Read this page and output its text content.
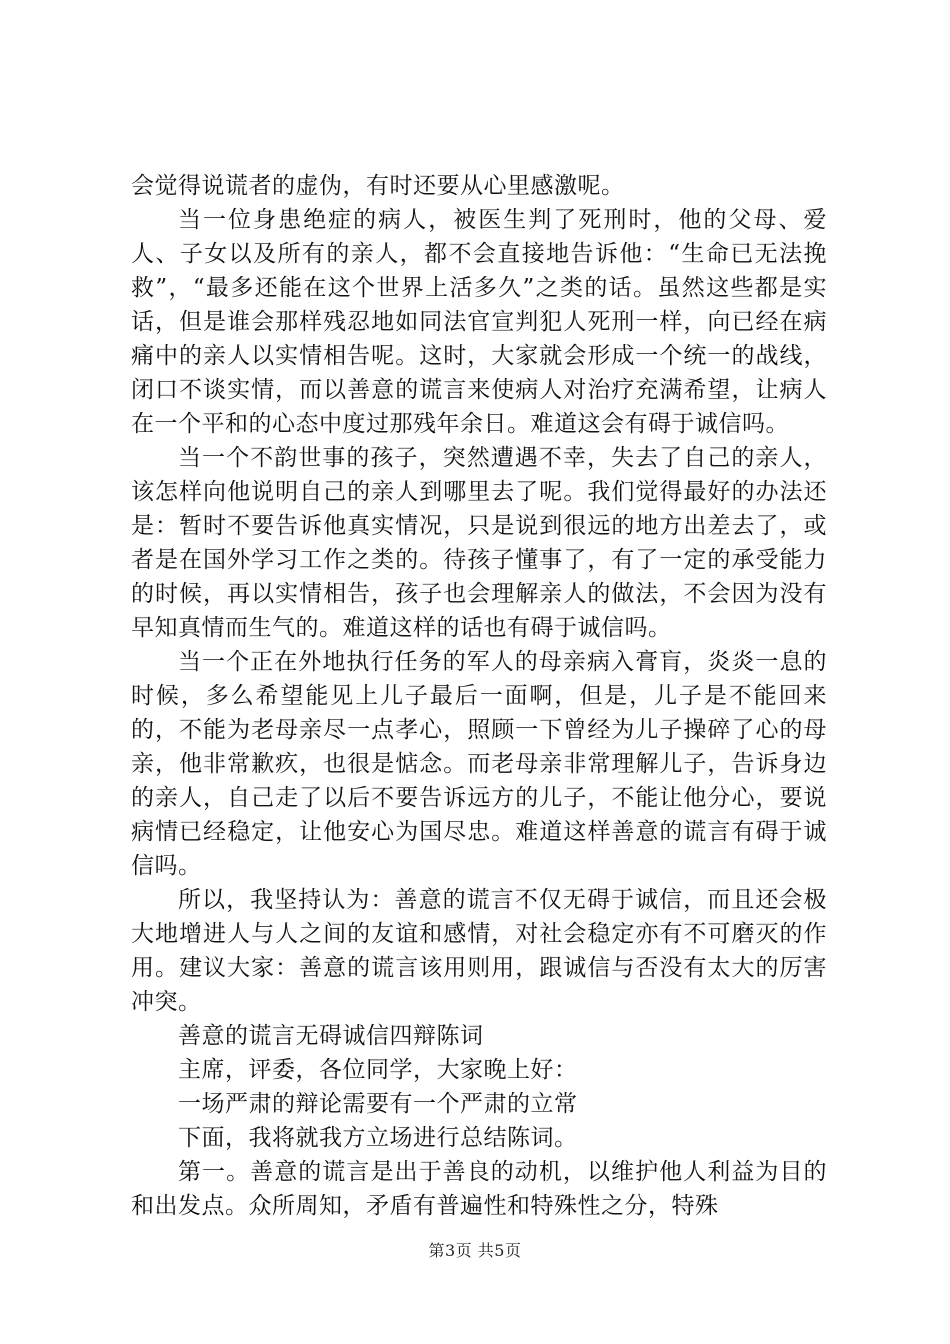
会觉得说谎者的虚伪，有时还要从心里感激呢。

当一位身患绝症的病人，被医生判了死刑时，他的父母、爱人、子女以及所有的亲人，都不会直接地告诉他：“生命已无法挽救”，“最多还能在这个世界上活多久”之类的话。虽然这些都是实话，但是谁会那样残忍地如同法官宣判犯人死刑一样，向已经在病痛中的亲人以实情相告呢。这时，大家就会形成一个统一的战线，闭口不谈实情，而以善意的谎言来使病人对治疗充满希望，让病人在一个平和的心态中度过那残年余日。难道这会有碍于诚信吗。

当一个不韵世事的孩子，突然遭遇不幸，失去了自己的亲人，该怎样向他说明自己的亲人到哪里去了呢。我们觉得最好的办法还是：暂时不要告诉他真实情况，只是说到很远的地方出差去了，或者是在国外学习工作之类的。待孩子懂事了，有了一定的承受能力的时候，再以实情相告，孩子也会理解亲人的做法，不会因为没有早知真情而生气的。难道这样的话也有碍于诚信吗。

当一个正在外地执行任务的军人的母亲病入膏肓，炎炎一息的时候，多么希望能见上儿子最后一面啊，但是，儿子是不能回来的，不能为老母亲尽一点孝心，照顾一下曾经为儿子操碎了心的母亲，他非常歉疚，也很是惦念。而老母亲非常理解儿子，告诉身边的亲人，自己走了以后不要告诉远方的儿子，不能让他分心，要说病情已经稳定，让他安心为国尽忠。难道这样善意的谎言有碍于诚信吗。

所以，我坚持认为：善意的谎言不仅无碍于诚信，而且还会极大地增进人与人之间的友谊和感情，对社会稳定亦有不可磨灭的作用。建议大家：善意的谎言该用则用，跟诚信与否没有太大的厉害冲突。

善意的谎言无碍诚信四辩陈词

主席，评委，各位同学，大家晚上好：

一场严肃的辩论需要有一个严肃的立常

下面，我将就我方立场进行总结陈词。

第一。善意的谎言是出于善良的动机，以维护他人利益为目的和出发点。众所周知，矛盾有普遍性和特殊性之分，特殊

第3页 共5页
